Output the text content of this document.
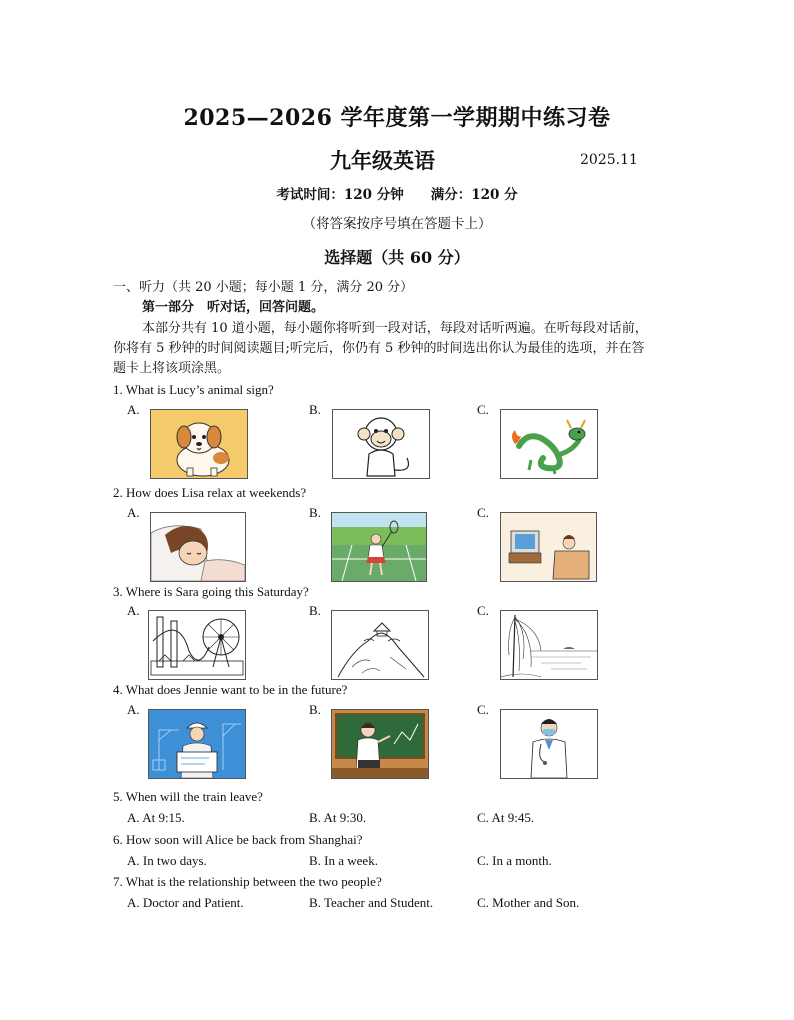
2025—2026 学年度第一学期期中练习卷
九年级英语	2025.11
考试时间：120 分钟　　满分：120 分
（将答案按序号填在答题卡上）
选择题（共 60 分）
一、听力（共 20 小题；每小题 1 分，满分 20 分）
第一部分　听对话，回答问题。
本部分共有 10 道小题，每小题你将听到一段对话，每段对话听两遍。在听每段对话前，
你将有 5 秒钟的时间阅读题目;听完后，你仍有 5 秒钟的时间选出你认为最佳的选项，并在答
题卡上将该项涂黑。
1. What is Lucy’s animal sign?
A.	B.	C.
2. How does Lisa relax at weekends?
A.	B.	C.
3. Where is Sara going this Saturday?
A.	B.	C.
4. What does Jennie want to be in the future?
A.	B.	C.
5. When will the train leave?
A. At 9:15.	B. At 9:30.	C. At 9:45.
6. How soon will Alice be back from Shanghai?
A. In two days.	B. In a week.	C. In a month.
7. What is the relationship between the two people?
A. Doctor and Patient.	B. Teacher and Student.	C. Mother and Son.
